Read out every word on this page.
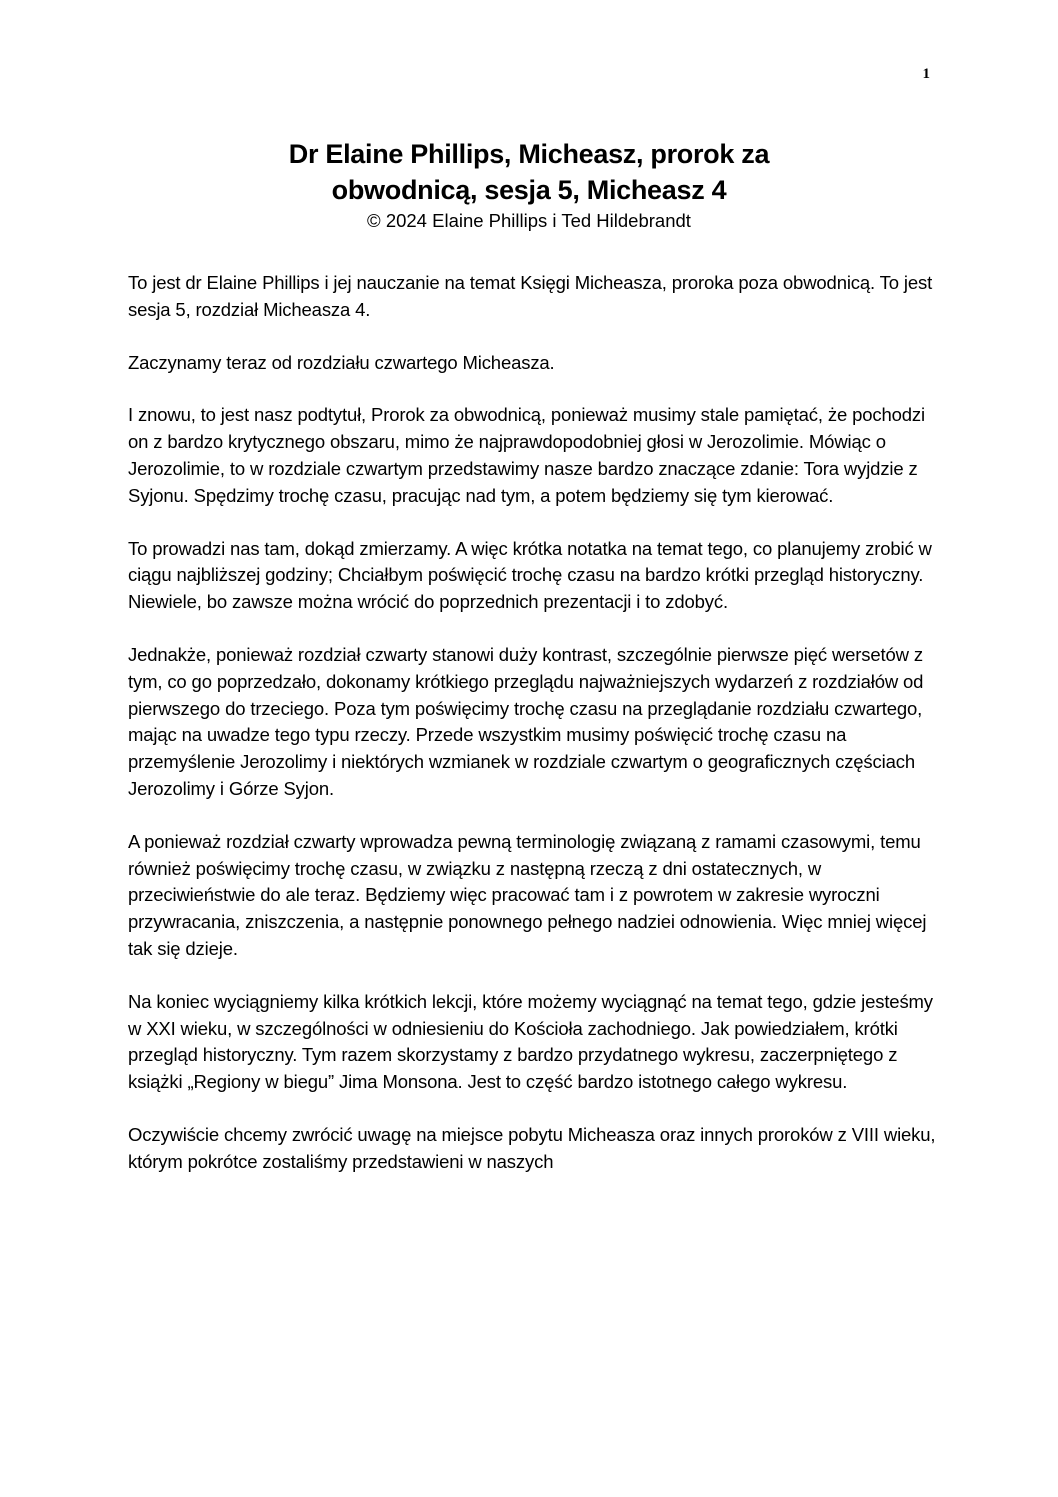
1
Dr Elaine Phillips, Micheasz, prorok za
obwodnicą, sesja 5, Micheasz 4

© 2024 Elaine Phillips i Ted Hildebrandt

To jest dr Elaine Phillips i jej nauczanie na temat Księgi Micheasza, proroka poza obwodnicą. To jest sesja 5, rozdział Micheasza 4.

Zaczynamy teraz od rozdziału czwartego Micheasza.

I znowu, to jest nasz podtytuł, Prorok za obwodnicą, ponieważ musimy stale pamiętać, że pochodzi on z bardzo krytycznego obszaru, mimo że najprawdopodobniej głosi w Jerozolimie. Mówiąc o Jerozolimie, to w rozdziale czwartym przedstawimy nasze bardzo znaczące zdanie: Tora wyjdzie z Syjonu. Spędzimy trochę czasu, pracując nad tym, a potem będziemy się tym kierować.

To prowadzi nas tam, dokąd zmierzamy. A więc krótka notatka na temat tego, co planujemy zrobić w ciągu najbliższej godziny; Chciałbym poświęcić trochę czasu na bardzo krótki przegląd historyczny. Niewiele, bo zawsze można wrócić do poprzednich prezentacji i to zdobyć.

Jednakże, ponieważ rozdział czwarty stanowi duży kontrast, szczególnie pierwsze pięć wersetów z tym, co go poprzedzało, dokonamy krótkiego przeglądu najważniejszych wydarzeń z rozdziałów od pierwszego do trzeciego. Poza tym poświęcimy trochę czasu na przeglądanie rozdziału czwartego, mając na uwadze tego typu rzeczy. Przede wszystkim musimy poświęcić trochę czasu na przemyślenie Jerozolimy i niektórych wzmianek w rozdziale czwartym o geograficznych częściach Jerozolimy i Górze Syjon.

A ponieważ rozdział czwarty wprowadza pewną terminologię związaną z ramami czasowymi, temu również poświęcimy trochę czasu, w związku z następną rzeczą z dni ostatecznych, w przeciwieństwie do ale teraz. Będziemy więc pracować tam i z powrotem w zakresie wyroczni przywracania, zniszczenia, a następnie ponownego pełnego nadziei odnowienia. Więc mniej więcej tak się dzieje.

Na koniec wyciągniemy kilka krótkich lekcji, które możemy wyciągnąć na temat tego, gdzie jesteśmy w XXI wieku, w szczególności w odniesieniu do Kościoła zachodniego. Jak powiedziałem, krótki przegląd historyczny. Tym razem skorzystamy z bardzo przydatnego wykresu, zaczerpniętego z książki „Regiony w biegu” Jima Monsona. Jest to część bardzo istotnego całego wykresu.

Oczywiście chcemy zwrócić uwagę na miejsce pobytu Micheasza oraz innych proroków z VIII wieku, którym pokrótce zostaliśmy przedstawieni w naszych
